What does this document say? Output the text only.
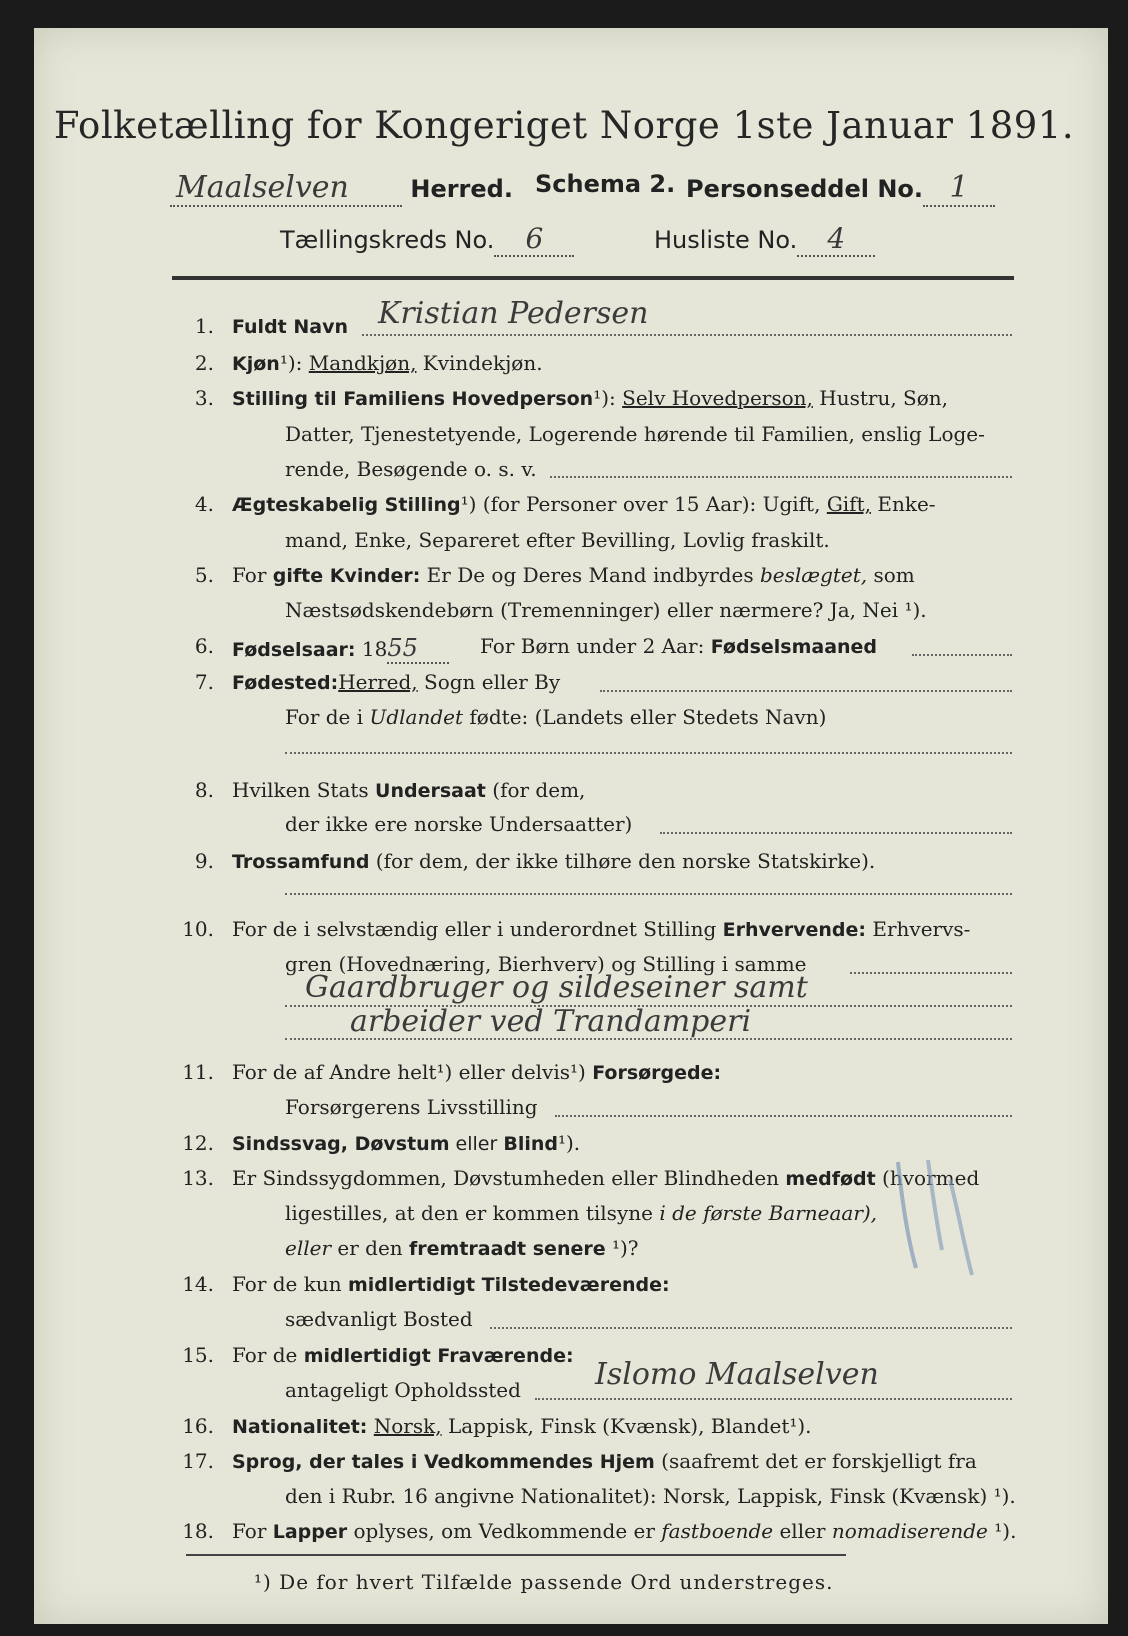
Folketælling for Kongeriget Norge 1ste Januar 1891.
Maalselven	Herred. Schema 2. Personseddel No. 1
Tællingskreds No. 6	Husliste No. 4
1. Fuldt Navn Kristian Pedersen
2. Kjøn¹): Mandkjøn, Kvindekjøn.
3. Stilling til Familiens Hovedperson¹): Selv Hovedperson, Hustru, Søn,
Datter, Tjenestetyende, Logerende hørende til Familien, enslig Loge-
rende, Besøgende o. s. v.
4. Ægteskabelig Stilling¹) (for Personer over 15 Aar): Ugift, Gift, Enke-
mand, Enke, Separeret efter Bevilling, Lovlig fraskilt.
5. For gifte Kvinder: Er De og Deres Mand indbyrdes beslægtet, som
Næstsødskendebørn (Tremenninger) eller nærmere? Ja, Nei ¹).
6. Fødselsaar: 1855	For Børn under 2 Aar: Fødselsmaaned
7. Fødested:Herred, Sogn eller By
For de i Udlandet fødte: (Landets eller Stedets Navn)
8. Hvilken Stats Undersaat (for dem,
der ikke ere norske Undersaatter)
9. Trossamfund (for dem, der ikke tilhøre den norske Statskirke).
10. For de i selvstændig eller i underordnet Stilling Erhvervende: Erhvervs-
gren (Hovednæring, Bierhverv) og Stilling i samme
Gaardbruger og sildeseiner samt
arbeider ved Trandamperi
11. For de af Andre helt¹) eller delvis¹) Forsørgede:
Forsørgerens Livsstilling
12. Sindssvag, Døvstum eller Blind¹).
13. Er Sindssygdommen, Døvstumheden eller Blindheden medfødt (hvormed
ligestilles, at den er kommen tilsyne i de første Barneaar),
eller er den fremtraadt senere ¹)?
14. For de kun midlertidigt Tilstedeværende:
sædvanligt Bosted
15. For de midlertidigt Fraværende:
antageligt Opholdssted Islomo Maalselven
16. Nationalitet: Norsk, Lappisk, Finsk (Kvænsk), Blandet¹).
17. Sprog, der tales i Vedkommendes Hjem (saafremt det er forskjelligt fra
den i Rubr. 16 angivne Nationalitet): Norsk, Lappisk, Finsk (Kvænsk) ¹).
18. For Lapper oplyses, om Vedkommende er fastboende eller nomadiserende ¹).
¹) De for hvert Tilfælde passende Ord understreges.
